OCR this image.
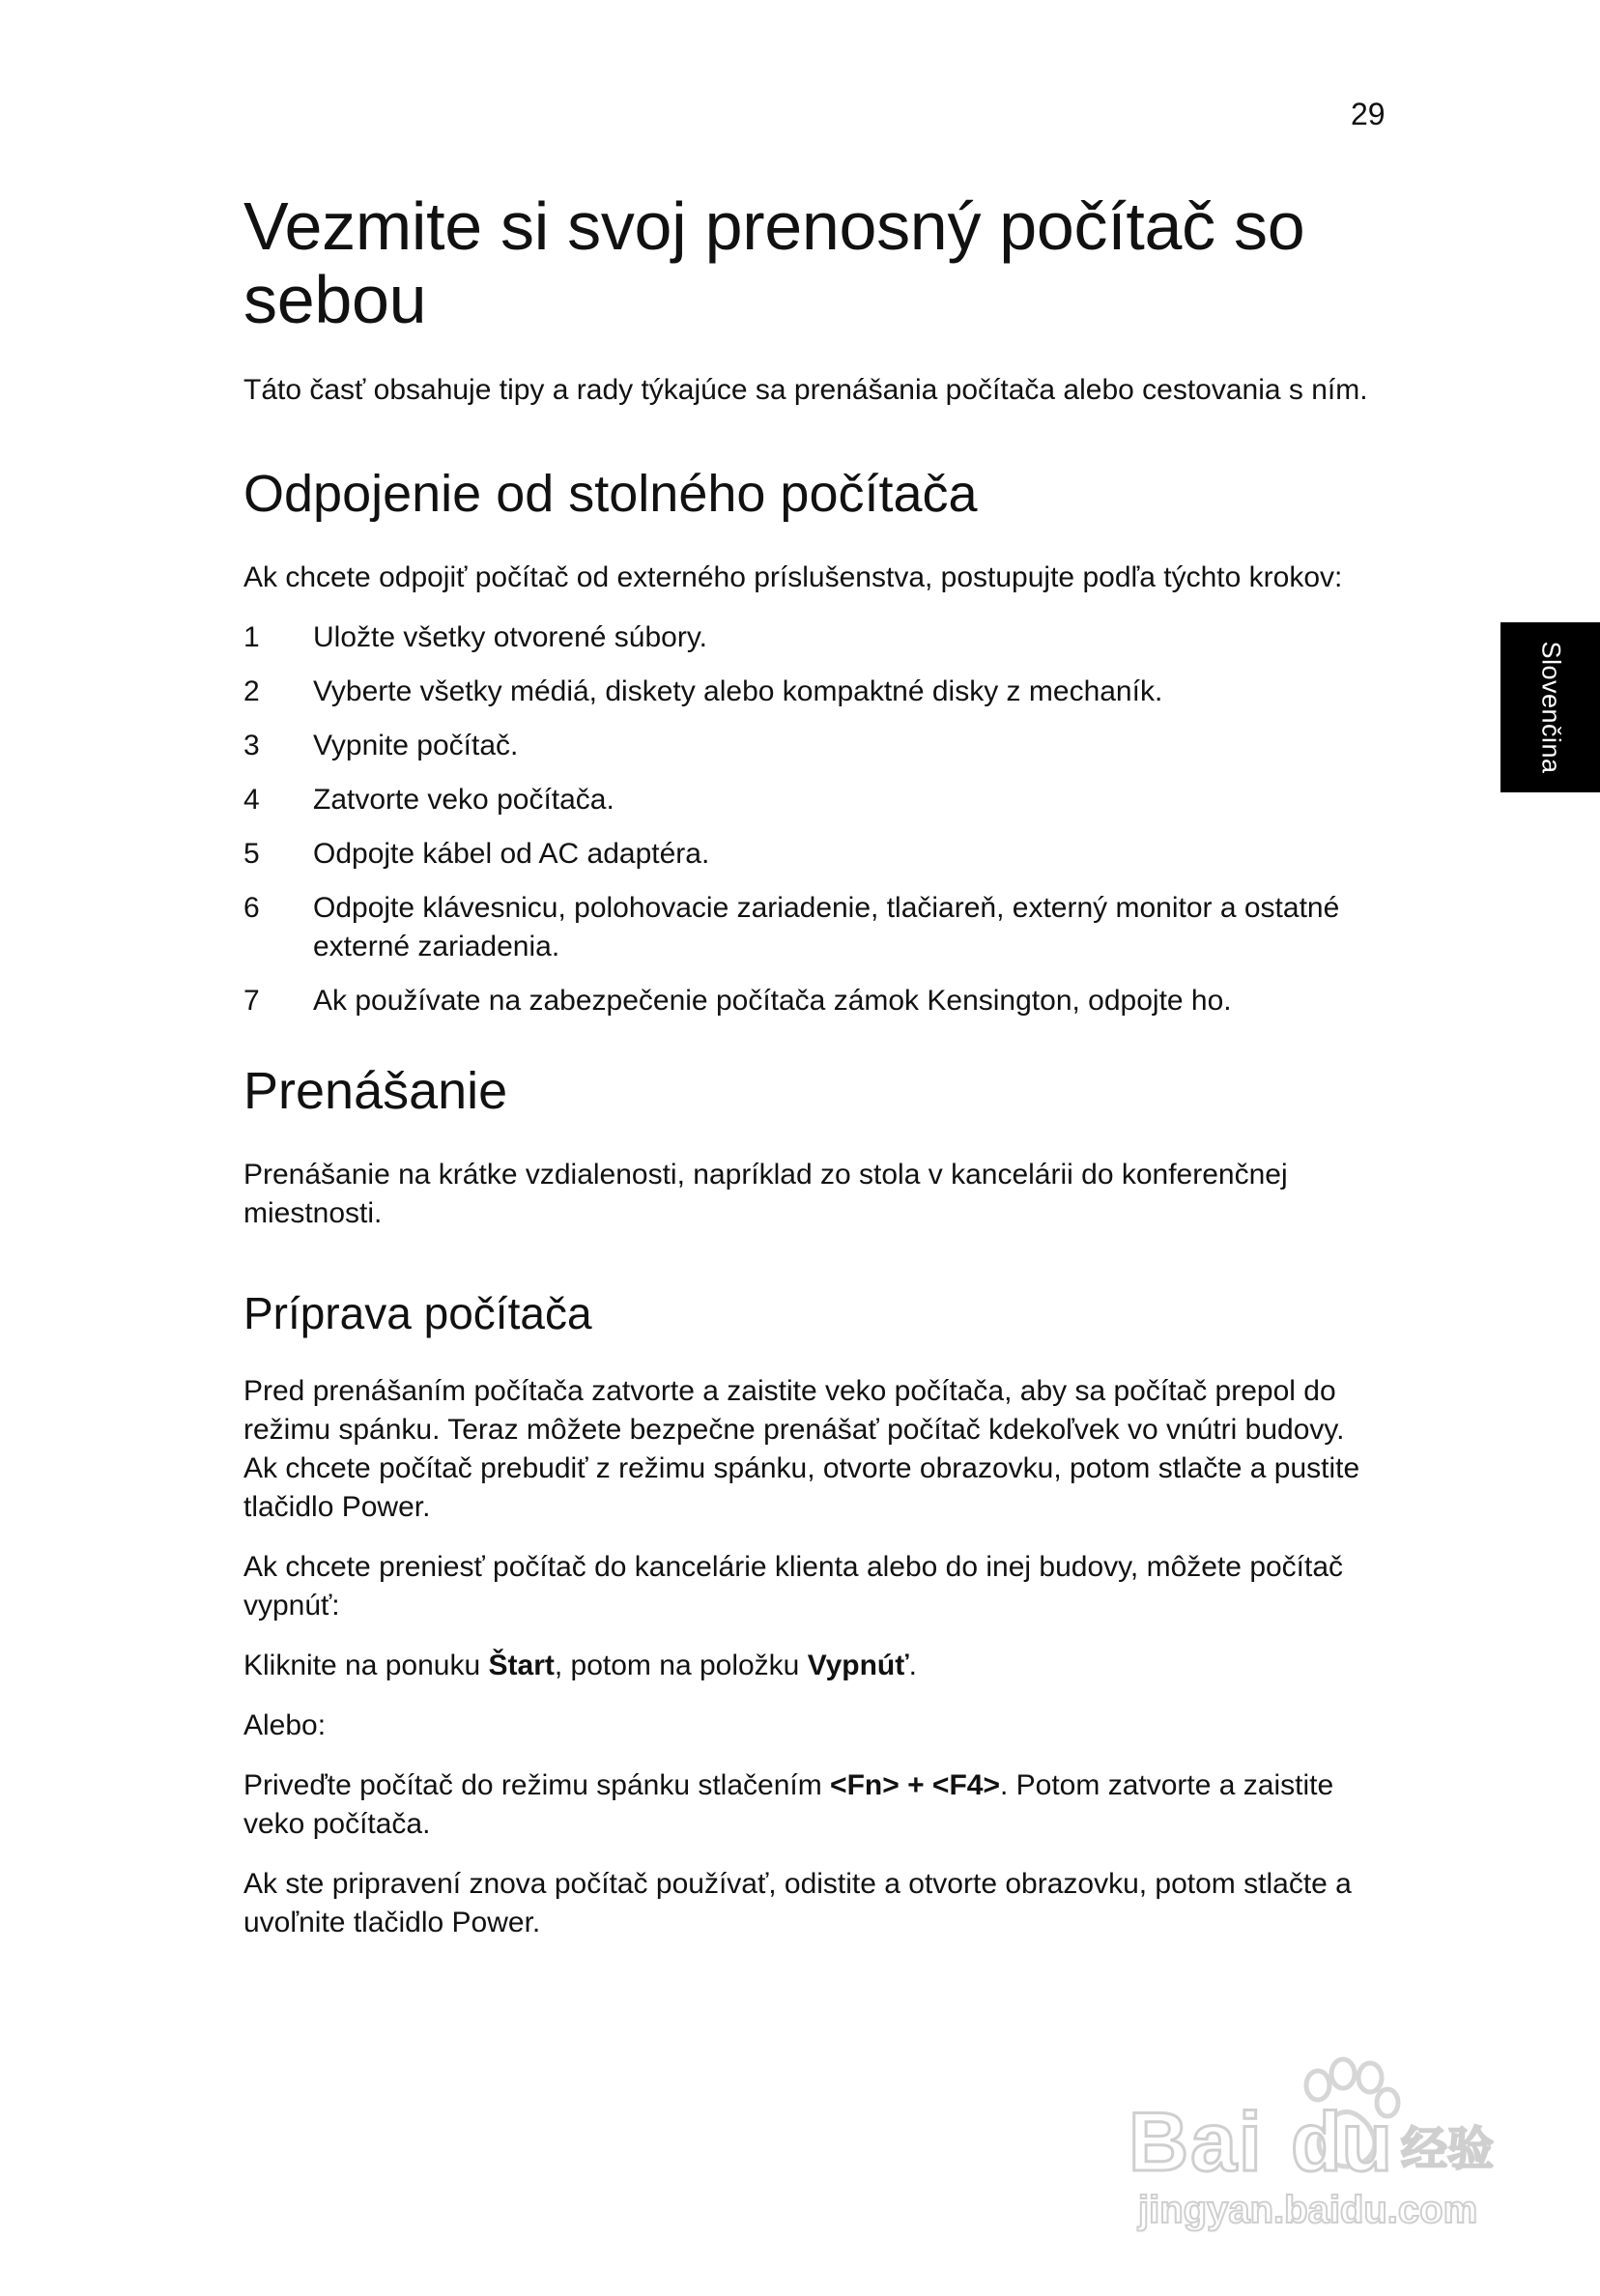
29
Slovenčina
Vezmite si svoj prenosný počítač so sebou

Táto časť obsahuje tipy a rady týkajúce sa prenášania počítača alebo cestovania s ním.

Odpojenie od stolného počítača

Ak chcete odpojiť počítač od externého príslušenstva, postupujte podľa týchto krokov:

1	Uložte všetky otvorené súbory.
2	Vyberte všetky médiá, diskety alebo kompaktné disky z mechaník.
3	Vypnite počítač.
4	Zatvorte veko počítača.
5	Odpojte kábel od AC adaptéra.
6	Odpojte klávesnicu, polohovacie zariadenie, tlačiareň, externý monitor a ostatné externé zariadenia.
7	Ak používate na zabezpečenie počítača zámok Kensington, odpojte ho.
Prenášanie

Prenášanie na krátke vzdialenosti, napríklad zo stola v kancelárii do konferenčnej miestnosti.

Príprava počítača

Pred prenášaním počítača zatvorte a zaistite veko počítača, aby sa počítač prepol do režimu spánku. Teraz môžete bezpečne prenášať počítač kdekoľvek vo vnútri budovy. Ak chcete počítač prebudiť z režimu spánku, otvorte obrazovku, potom stlačte a pustite tlačidlo Power.

Ak chcete preniesť počítač do kancelárie klienta alebo do inej budovy, môžete počítač vypnúť:

Kliknite na ponuku Štart, potom na položku Vypnúť.

Alebo:

Priveďte počítač do režimu spánku stlačením <Fn> + <F4>. Potom zatvorte a zaistite veko počítača.

Ak ste pripravení znova počítač používať, odistite a otvorte obrazovku, potom stlačte a uvoľnite tlačidlo Power.

Bai du 经验
jingyan.baidu.com
